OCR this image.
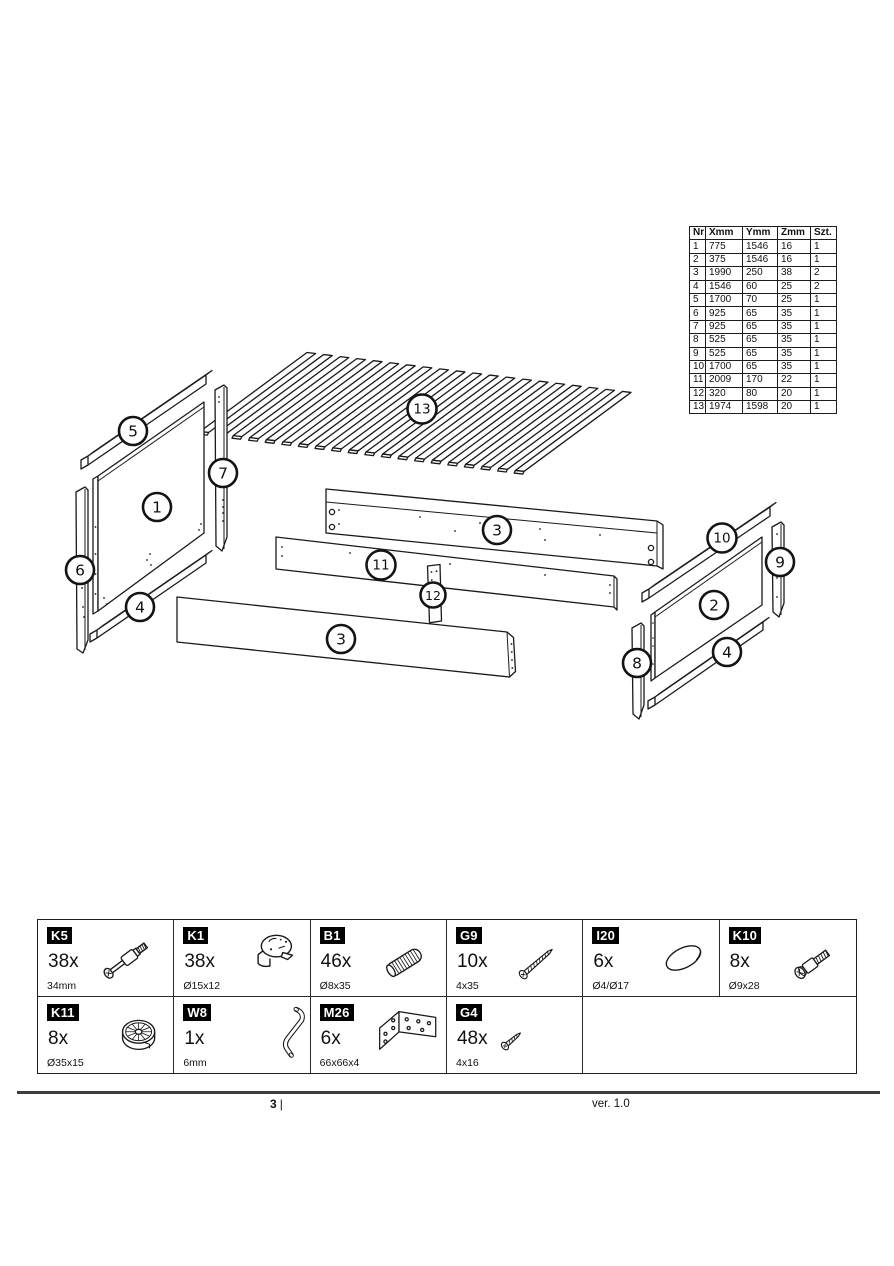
5
7
1
6
4
13
3
11
12
3
10
9
2
8
4
Nr	Xmm	Ymm	Zmm	Szt.
1	775	1546	16	1
2	375	1546	16	1
3	1990	250	38	2
4	1546	60	25	2
5	1700	70	25	1
6	925	65	35	1
7	925	65	35	1
8	525	65	35	1
9	525	65	35	1
10	1700	65	35	1
11	2009	170	22	1
12	320	80	20	1
13	1974	1598	20	1
K5
38x
34mm
K1
38x
Ø15x12
B1
46x
Ø8x35
G9
10x
4x35
I20
6x
Ø4/Ø17
K10
8x
Ø9x28
K11
8x
Ø35x15
W8
1x
6mm
M26
6x
66x66x4
G4
48x
4x16
3 |	ver. 1.0
